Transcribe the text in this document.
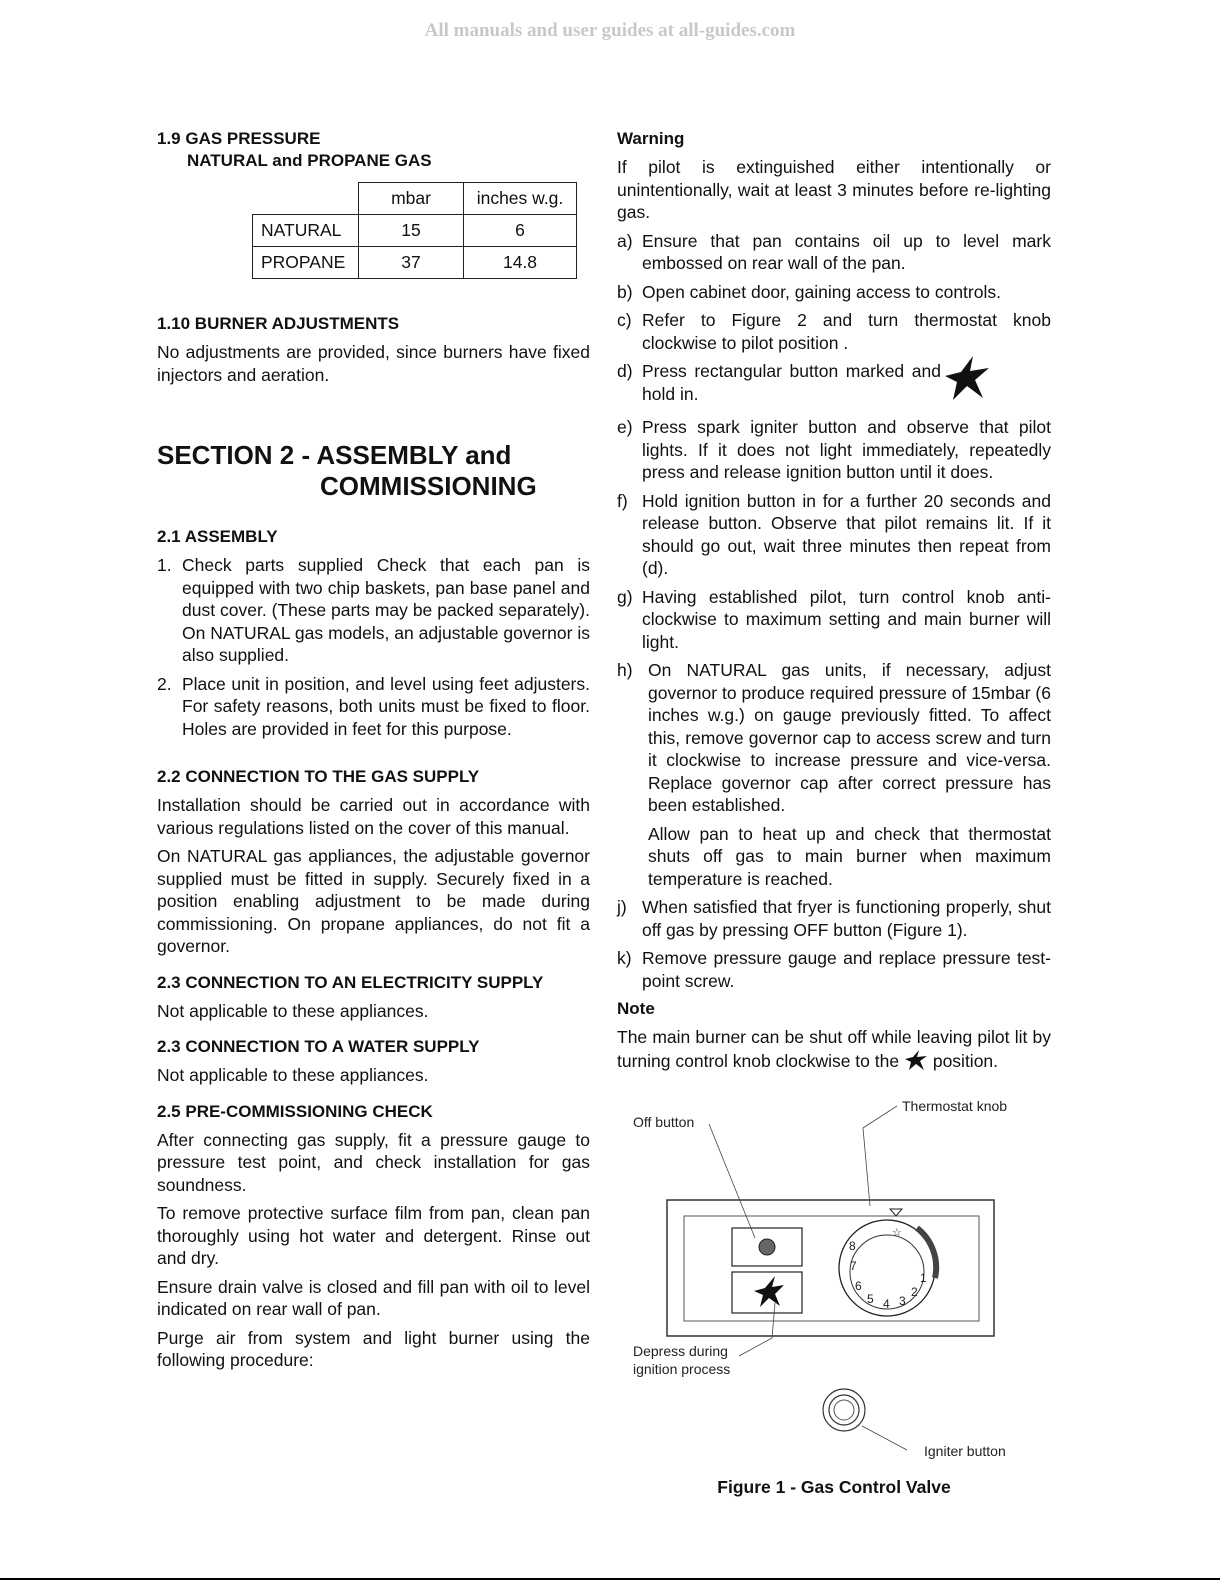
All manuals and user guides at all-guides.com
1.9 GAS PRESSURE
NATURAL and PROPANE GAS
	mbar	inches w.g.
NATURAL	15	6
PROPANE	37	14.8
1.10 BURNER ADJUSTMENTS

No adjustments are provided, since burners have fixed injectors and aeration.

SECTION 2 - ASSEMBLY and
COMMISSIONING
2.1 ASSEMBLY
1. Check parts supplied Check that each pan is equipped with two chip baskets, pan base panel and dust cover. (These parts may be packed separately). On NATURAL gas models, an adjustable governor is also supplied.
2. Place unit in position, and level using feet adjusters. For safety reasons, both units must be fixed to floor. Holes are provided in feet for this purpose.
2.2 CONNECTION TO THE GAS SUPPLY

Installation should be carried out in accordance with various regulations listed on the cover of this manual.

On NATURAL gas appliances, the adjustable governor supplied must be fitted in supply. Securely fixed in a position enabling adjustment to be made during commissioning. On propane appliances, do not fit a governor.

2.3 CONNECTION TO AN ELECTRICITY SUPPLY

Not applicable to these appliances.

2.3 CONNECTION TO A WATER SUPPLY

Not applicable to these appliances.

2.5 PRE-COMMISSIONING CHECK

After connecting gas supply, fit a pressure gauge to pressure test point, and check installation for gas soundness.

To remove protective surface film from pan, clean pan thoroughly using hot water and detergent. Rinse out and dry.

Ensure drain valve is closed and fill pan with oil to level indicated on rear wall of pan.

Purge air from system and light burner using the following procedure:

Warning

If pilot is extinguished either intentionally or unintentionally, wait at least 3 minutes before re-lighting gas.

a) Ensure that pan contains oil up to level mark embossed on rear wall of the pan.
b) Open cabinet door, gaining access to controls.
c) Refer to Figure 2 and turn thermostat knob clockwise to pilot position .
d) Press rectangular button marked and hold in.
e) Press spark igniter button and observe that pilot lights. If it does not light immediately, repeatedly press and release ignition button until it does.
f) Hold ignition button in for a further 20 seconds and release button. Observe that pilot remains lit. If it should go out, wait three minutes then repeat from (d).
g) Having established pilot, turn control knob anti-clockwise to maximum setting and main burner will light.
h) On NATURAL gas units, if necessary, adjust governor to produce required pressure of 15mbar (6 inches w.g.) on gauge previously fitted. To affect this, remove governor cap to access screw and turn it clockwise to increase pressure and vice-versa. Replace governor cap after correct pressure has been established.
Allow pan to heat up and check that thermostat shuts off gas to main burner when maximum temperature is reached.
j) When satisfied that fryer is functioning properly, shut off gas by pressing OFF button (Figure 1).
k) Remove pressure gauge and replace pressure test-point screw.
Note

The main burner can be shut off while leaving pilot lit by turning control knob clockwise to the position.

☆
8
7
6
5 4 3
2
1
Off button
Thermostat knob
Depress during
ignition process
Igniter button

Figure 1 - Gas Control Valve
